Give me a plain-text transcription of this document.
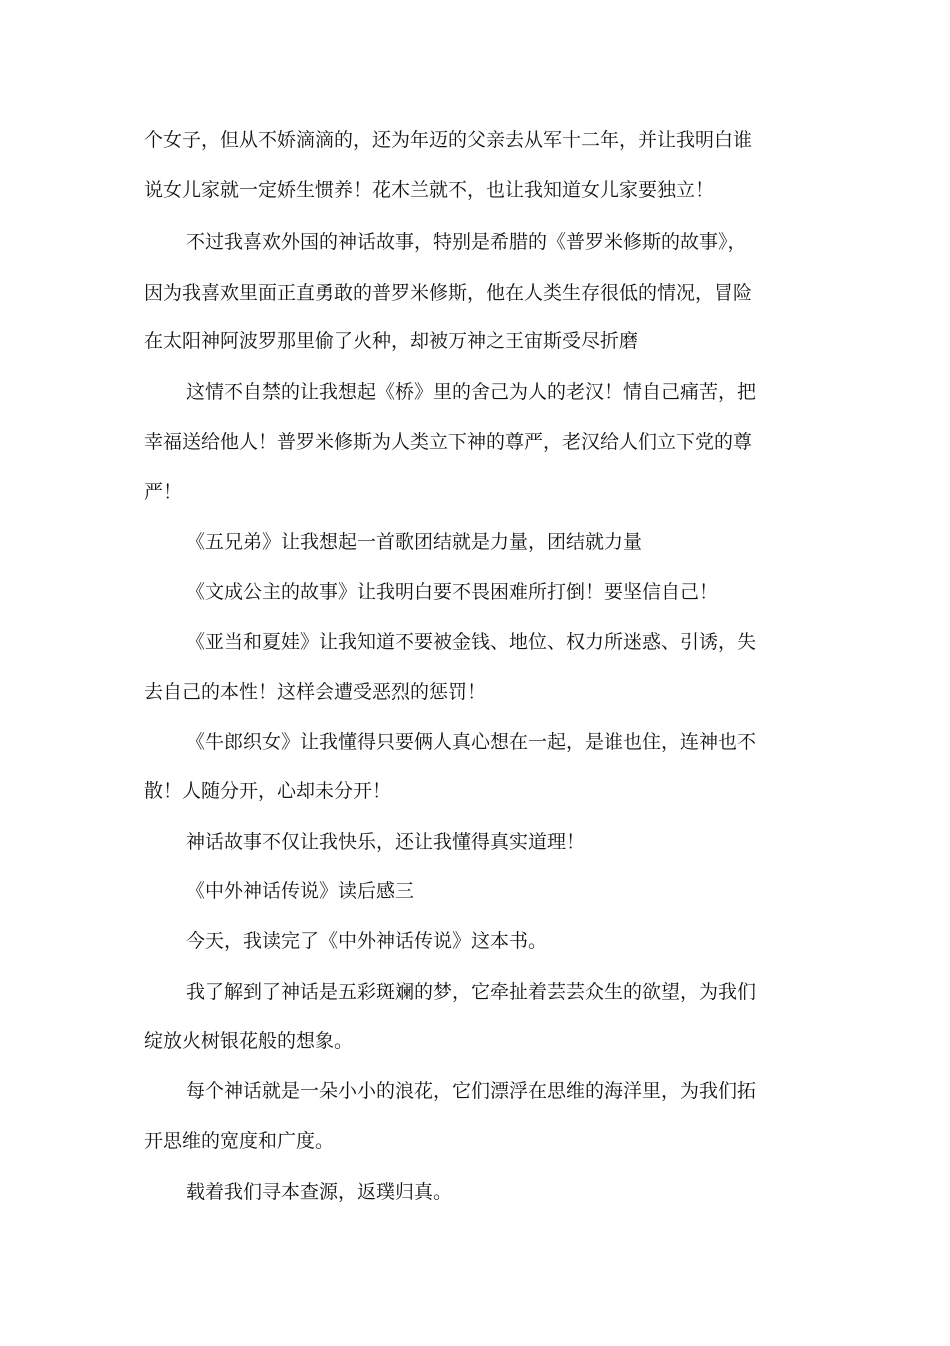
个女子，但从不娇滴滴的，还为年迈的父亲去从军十二年，并让我明白谁
说女儿家就一定娇生惯养！花木兰就不，也让我知道女儿家要独立！
不过我喜欢外国的神话故事，特别是希腊的《普罗米修斯的故事》，
因为我喜欢里面正直勇敢的普罗米修斯，他在人类生存很低的情况，冒险
在太阳神阿波罗那里偷了火种，却被万神之王宙斯受尽折磨
这情不自禁的让我想起《桥》里的舍己为人的老汉！情自己痛苦，把
幸福送给他人！普罗米修斯为人类立下神的尊严，老汉给人们立下党的尊
严！
《五兄弟》让我想起一首歌团结就是力量，团结就力量
《文成公主的故事》让我明白要不畏困难所打倒！要坚信自己！
《亚当和夏娃》让我知道不要被金钱、地位、权力所迷惑、引诱，失
去自己的本性！这样会遭受恶烈的惩罚！
《牛郎织女》让我懂得只要俩人真心想在一起，是谁也住，连神也不
散！人随分开，心却未分开！
神话故事不仅让我快乐，还让我懂得真实道理！
《中外神话传说》读后感三
今天，我读完了《中外神话传说》这本书。
我了解到了神话是五彩斑斓的梦，它牵扯着芸芸众生的欲望，为我们
绽放火树银花般的想象。
每个神话就是一朵小小的浪花，它们漂浮在思维的海洋里，为我们拓
开思维的宽度和广度。
载着我们寻本查源，返璞归真。
